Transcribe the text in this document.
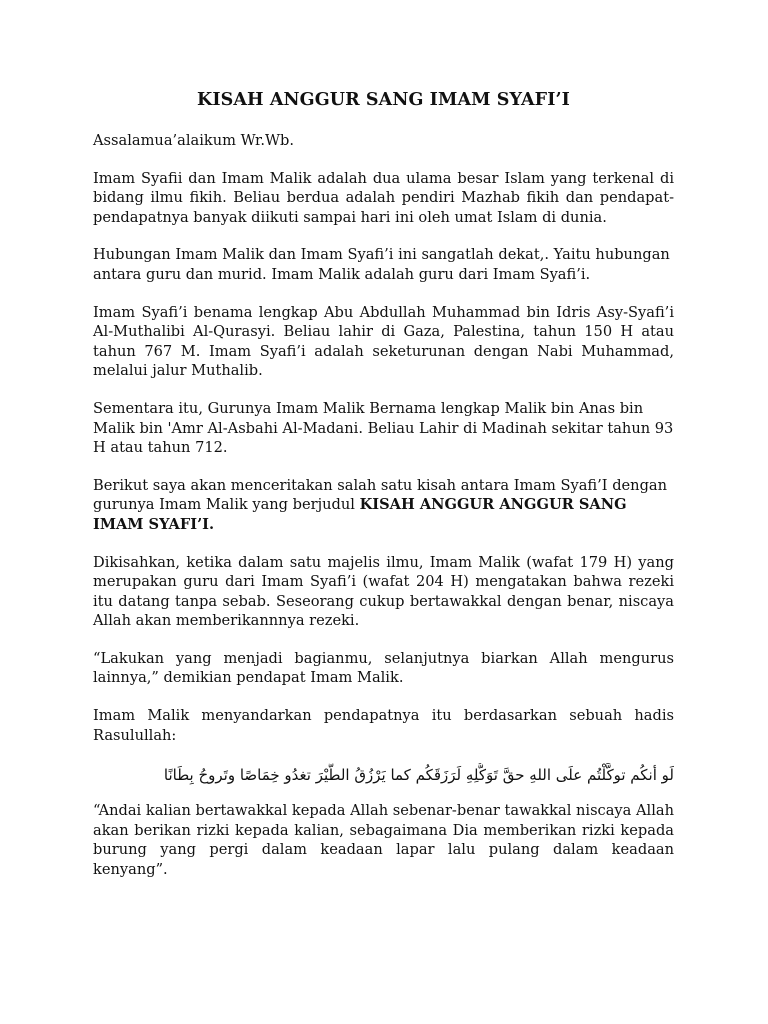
KISAH ANGGUR SANG IMAM SYAFI’I

Assalamua’alaikum Wr.Wb.

Imam Syafii dan Imam Malik adalah dua ulama besar Islam yang terkenal di bidang ilmu fikih. Beliau berdua adalah pendiri Mazhab fikih dan pendapat-pendapatnya banyak diikuti sampai hari ini oleh umat Islam di dunia.

Hubungan Imam Malik dan Imam Syafi’i ini sangatlah dekat,. Yaitu hubungan antara guru dan murid. Imam Malik adalah guru dari Imam Syafi’i.

Imam Syafi’i benama lengkap Abu Abdullah Muhammad bin Idris Asy-Syafi’i Al-Muthalibi Al-Qurasyi. Beliau lahir di Gaza, Palestina, tahun 150 H atau tahun 767 M. Imam Syafi’i adalah seketurunan dengan Nabi Muhammad, melalui jalur Muthalib.

Sementara itu, Gurunya Imam Malik Bernama lengkap Malik bin Anas bin Malik bin 'Amr Al-Asbahi Al-Madani. Beliau Lahir di Madinah sekitar tahun 93 H atau tahun 712.

Berikut saya akan menceritakan salah satu kisah antara Imam Syafi’I dengan gurunya Imam Malik yang berjudul KISAH ANGGUR ANGGUR SANG IMAM SYAFI’I.

Dikisahkan, ketika dalam satu majelis ilmu, Imam Malik (wafat 179 H) yang merupakan guru dari Imam Syafi’i (wafat 204 H) mengatakan bahwa rezeki itu datang tanpa sebab. Seseorang cukup bertawakkal dengan benar, niscaya Allah akan memberikannnya rezeki.

“Lakukan yang menjadi bagianmu, selanjutnya biarkan Allah mengurus lainnya,” demikian pendapat Imam Malik.

Imam Malik menyandarkan pendapatnya itu berdasarkan sebuah hadis Rasulullah:

لَو أنكُم توكَّلْتُم علَى اللهِ حقَّ تَوَكُّلِهِ لَرَزَقَكُم كما يَرْزُقُ الطَّيْرَ تغدُو خِمَاصًا وتَروحُ بِطَانًا

“Andai kalian bertawakkal kepada Allah sebenar-benar tawakkal niscaya Allah akan berikan rizki kepada kalian, sebagaimana Dia memberikan rizki kepada burung yang pergi dalam keadaan lapar lalu pulang dalam keadaan kenyang”.
